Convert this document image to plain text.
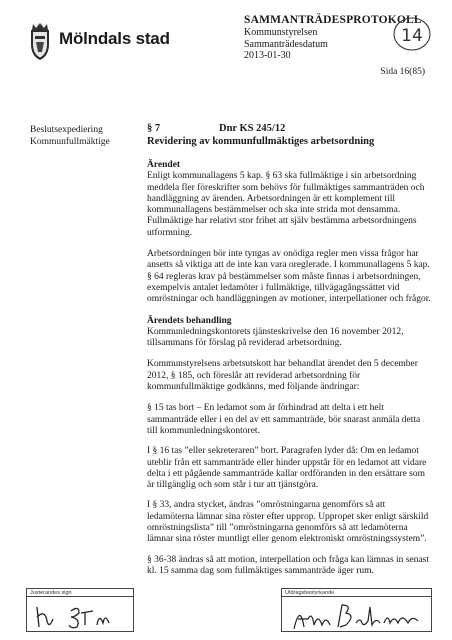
Mölndals stad
SAMMANTRÄDESPROTOKOLL
Kommunstyrelsen
Sammanträdesdatum
2013-01-30
14
Sida 16(85)
Beslutsexpediering
Kommunfullmäktige
§ 7	Dnr KS 245/12
Revidering av kommunfullmäktiges arbetsordning
Ärendet

Enligt kommunallagens 5 kap. § 63 ska fullmäktige i sin arbetsordning meddela fler föreskrifter som behövs för fullmäktiges sammanträden och handläggning av ärenden. Arbetsordningen är ett komplement till kommunallagens bestämmelser och ska inte strida mot densamma. Fullmäktige har relativt stor frihet att själv bestämma arbetsordningens utformning.

Arbetsordningen bör inte tyngas av onödiga regler men vissa frågor har ansetts så viktiga att de inte kan vara oreglerade. I kommunallagens 5 kap. § 64 regleras krav på bestämmelser som måste finnas i arbetsordningen, exempelvis antalet ledamöter i fullmäktige, tillvägagångssättet vid omröstningar och handläggningen av motioner, interpellationer och frågor.

Ärendets behandling

Kommunledningskontorets tjänsteskrivelse den 16 november 2012, tillsammans för förslag på reviderad arbetsordning.

Kommunstyrelsens arbetsutskott har behandlat ärendet den 5 december 2012, § 185, och föreslår att reviderad arbetsordning för kommunfullmäktige godkänns, med följande ändringar:

§ 15 tas bort – En ledamot som är förhindrad att delta i ett helt sammanträde eller i en del av ett sammanträde, bör snarast anmäla detta till kommunledningskontoret.

I § 16 tas ”eller sekreteraren” bort. Paragrafen lyder då: Om en ledamot uteblir från ett sammanträde eller hinder uppstår för en ledamot att vidare delta i ett pågående sammanträde kallar ordföranden in den ersättare som är tillgänglig och som står i tur att tjänstgöra.

I § 33, andra stycket, ändras ”omröstningarna genomförs så att ledamöterna lämnar sina röster efter upprop. Uppropet sker enligt särskild omröstningslista” till ”omröstningarna genomförs så att ledamöterna lämnar sina röster muntligt eller genom elektroniskt omröstningssystem”.

§ 36-38 ändras så att motion, interpellation och fråga kan lämnas in senast kl. 15 samma dag som fullmäktiges sammanträde äger rum.

Justerandes sign	Utdragsbestyrkande
